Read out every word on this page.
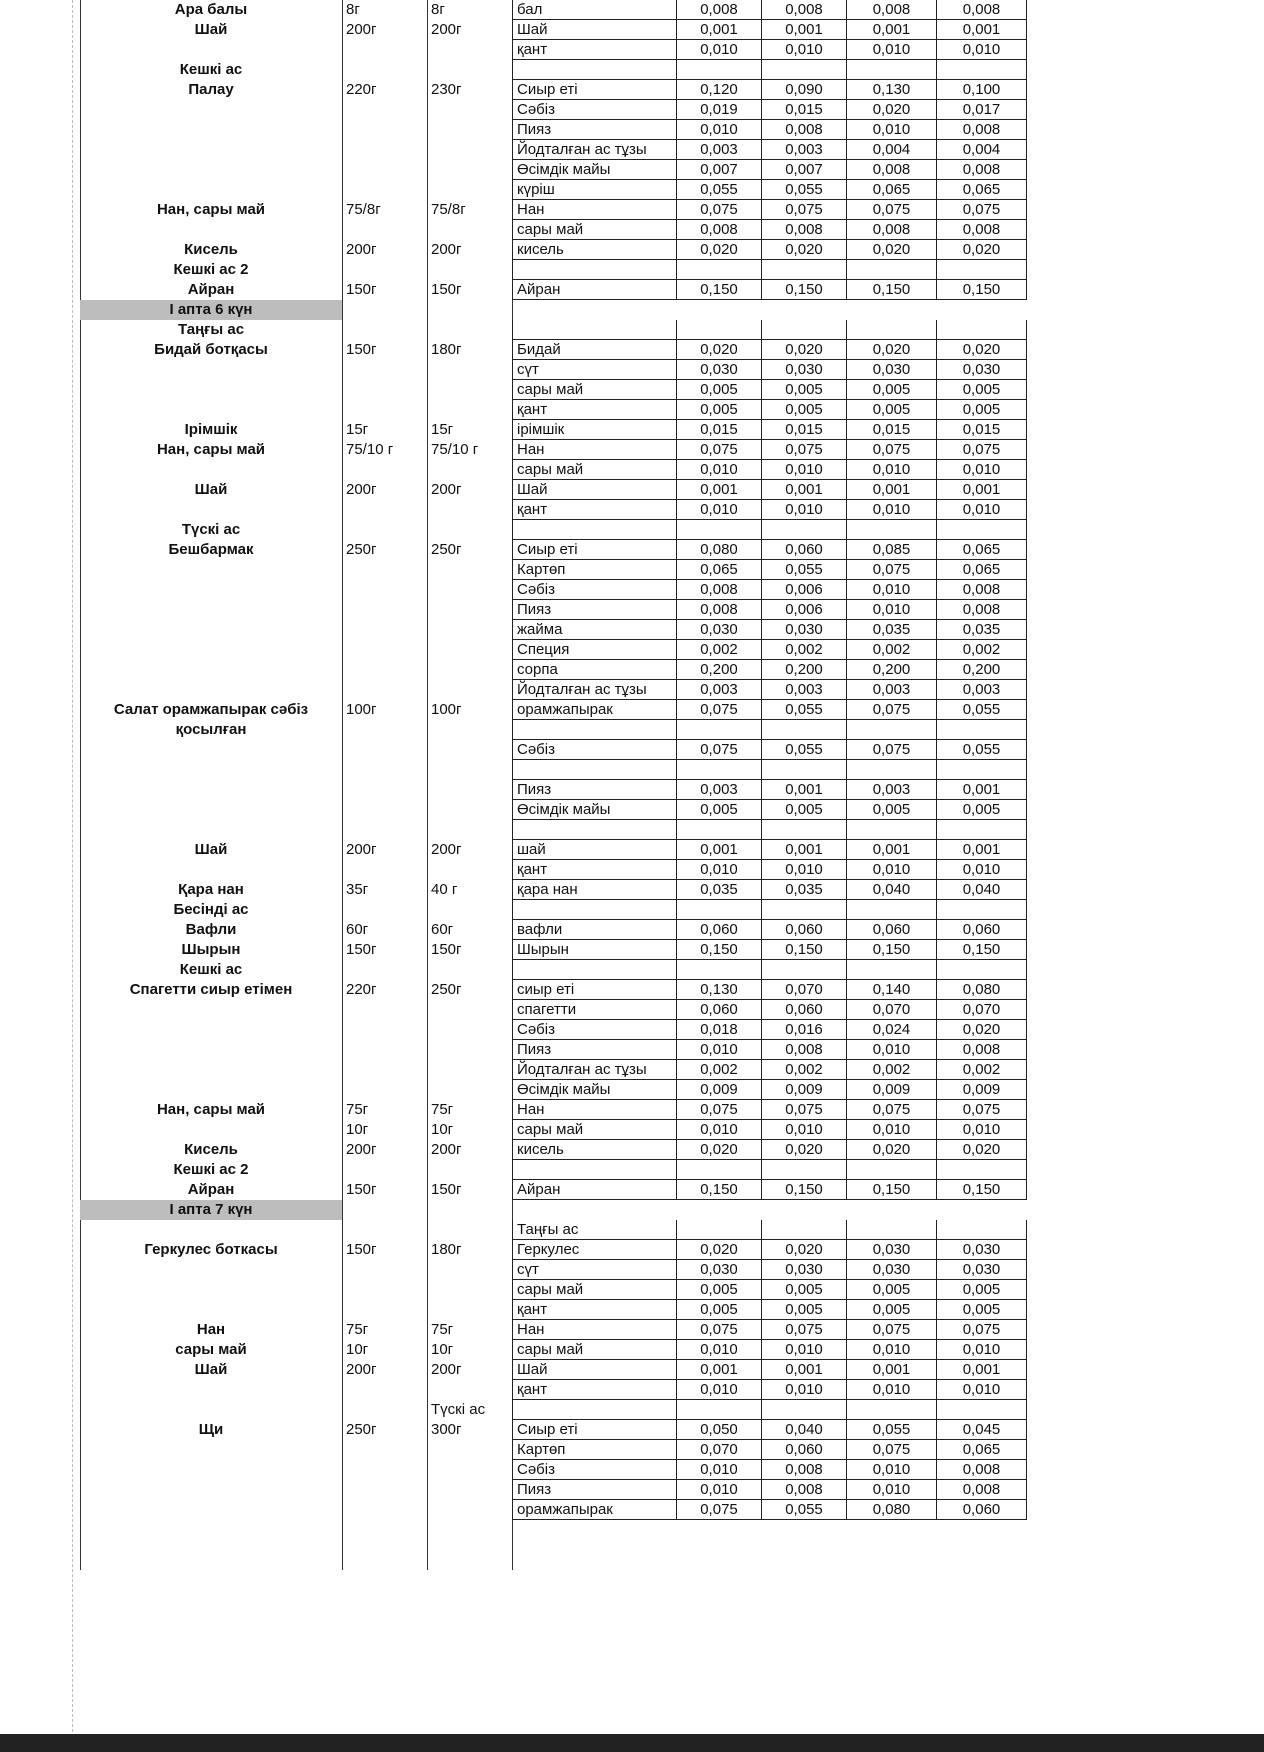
Ара балы	8г	8г	бал	0,008	0,008	0,008	0,008
Шай	200г	200г	Шай	0,001	0,001	0,001	0,001
қант	0,010	0,010	0,010	0,010
Кешкі ас
Палау	220г	230г	Сиыр еті	0,120	0,090	0,130	0,100
Сәбіз	0,019	0,015	0,020	0,017
Пияз	0,010	0,008	0,010	0,008
Йодталған ас тұзы	0,003	0,003	0,004	0,004
Өсімдік майы	0,007	0,007	0,008	0,008
күріш	0,055	0,055	0,065	0,065
Нан, сары май	75/8г	75/8г	Нан	0,075	0,075	0,075	0,075
сары май	0,008	0,008	0,008	0,008
Кисель	200г	200г	кисель	0,020	0,020	0,020	0,020
Кешкі ас 2
Айран	150г	150г	Айран	0,150	0,150	0,150	0,150
І апта 6 күн
Таңғы ас
Бидай ботқасы	150г	180г	Бидай	0,020	0,020	0,020	0,020
сүт	0,030	0,030	0,030	0,030
сары май	0,005	0,005	0,005	0,005
қант	0,005	0,005	0,005	0,005
Ірімшік	15г	15г	ірімшік	0,015	0,015	0,015	0,015
Нан, сары май	75/10 г	75/10 г	Нан	0,075	0,075	0,075	0,075
сары май	0,010	0,010	0,010	0,010
Шай	200г	200г	Шай	0,001	0,001	0,001	0,001
қант	0,010	0,010	0,010	0,010
Түскі ас
Бешбармак	250г	250г	Сиыр еті	0,080	0,060	0,085	0,065
Картөп	0,065	0,055	0,075	0,065
Сәбіз	0,008	0,006	0,010	0,008
Пияз	0,008	0,006	0,010	0,008
жайма	0,030	0,030	0,035	0,035
Специя	0,002	0,002	0,002	0,002
сорпа	0,200	0,200	0,200	0,200
Йодталған ас тұзы	0,003	0,003	0,003	0,003
Салат орамжапырак сәбіз	100г	100г	орамжапырак	0,075	0,055	0,075	0,055
қосылған
Сәбіз	0,075	0,055	0,075	0,055
Пияз	0,003	0,001	0,003	0,001
Өсімдік майы	0,005	0,005	0,005	0,005
Шай	200г	200г	шай	0,001	0,001	0,001	0,001
қант	0,010	0,010	0,010	0,010
Қара нан	35г	40 г	қара нан	0,035	0,035	0,040	0,040
Бесінді ас
Вафли	60г	60г	вафли	0,060	0,060	0,060	0,060
Шырын	150г	150г	Шырын	0,150	0,150	0,150	0,150
Кешкі ас
Спагетти сиыр етімен	220г	250г	сиыр еті	0,130	0,070	0,140	0,080
спагетти	0,060	0,060	0,070	0,070
Сәбіз	0,018	0,016	0,024	0,020
Пияз	0,010	0,008	0,010	0,008
Йодталған ас тұзы	0,002	0,002	0,002	0,002
Өсімдік майы	0,009	0,009	0,009	0,009
Нан, сары май	75г	75г	Нан	0,075	0,075	0,075	0,075
10г	10г	сары май	0,010	0,010	0,010	0,010
Кисель	200г	200г	кисель	0,020	0,020	0,020	0,020
Кешкі ас 2
Айран	150г	150г	Айран	0,150	0,150	0,150	0,150
І апта 7 күн
Таңғы ас
Геркулес боткасы	150г	180г	Геркулес	0,020	0,020	0,030	0,030
сүт	0,030	0,030	0,030	0,030
сары май	0,005	0,005	0,005	0,005
қант	0,005	0,005	0,005	0,005
Нан	75г	75г	Нан	0,075	0,075	0,075	0,075
сары май	10г	10г	сары май	0,010	0,010	0,010	0,010
Шай	200г	200г	Шай	0,001	0,001	0,001	0,001
қант	0,010	0,010	0,010	0,010
Түскі ас
Щи	250г	300г	Сиыр еті	0,050	0,040	0,055	0,045
Картөп	0,070	0,060	0,075	0,065
Сәбіз	0,010	0,008	0,010	0,008
Пияз	0,010	0,008	0,010	0,008
орамжапырак	0,075	0,055	0,080	0,060
